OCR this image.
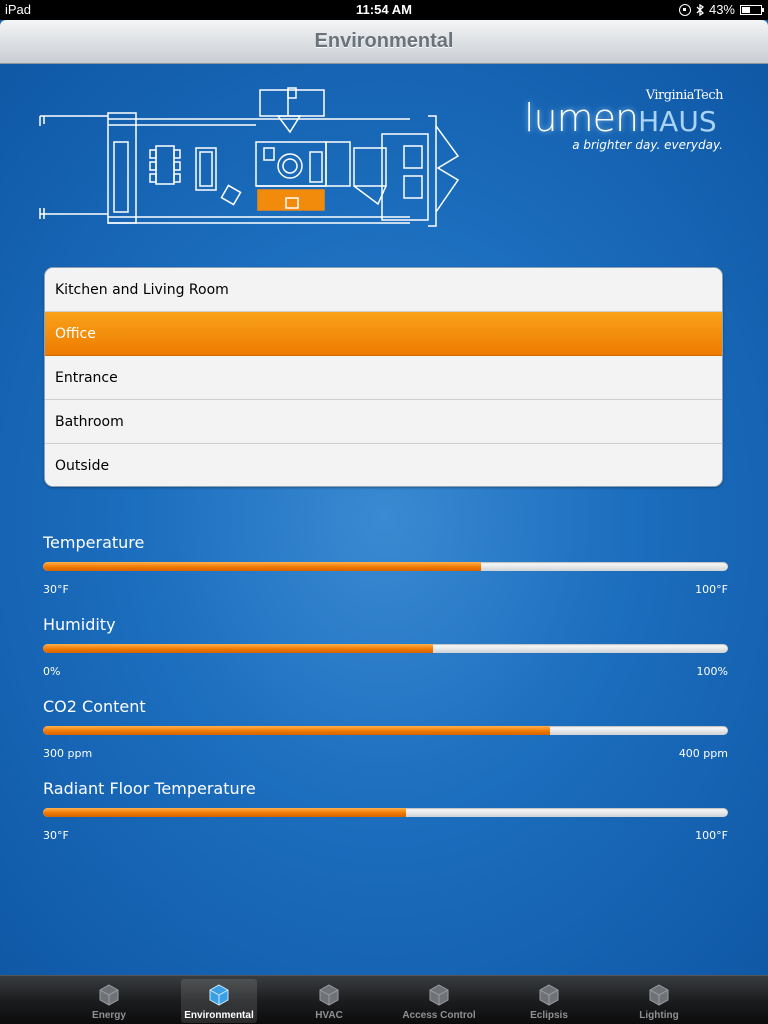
iPad	11:54 AM	43%
Environmental
VirginiaTech
lumenHAUS
a brighter day. everyday.
Kitchen and Living Room
Office
Entrance
Bathroom
Outside
Temperature
30°F	100°F
Humidity
0%	100%
CO2 Content
300 ppm	400 ppm
Radiant Floor Temperature
30°F	100°F
Energy	Environmental	HVAC	Access Control	Eclipsis	Lighting
